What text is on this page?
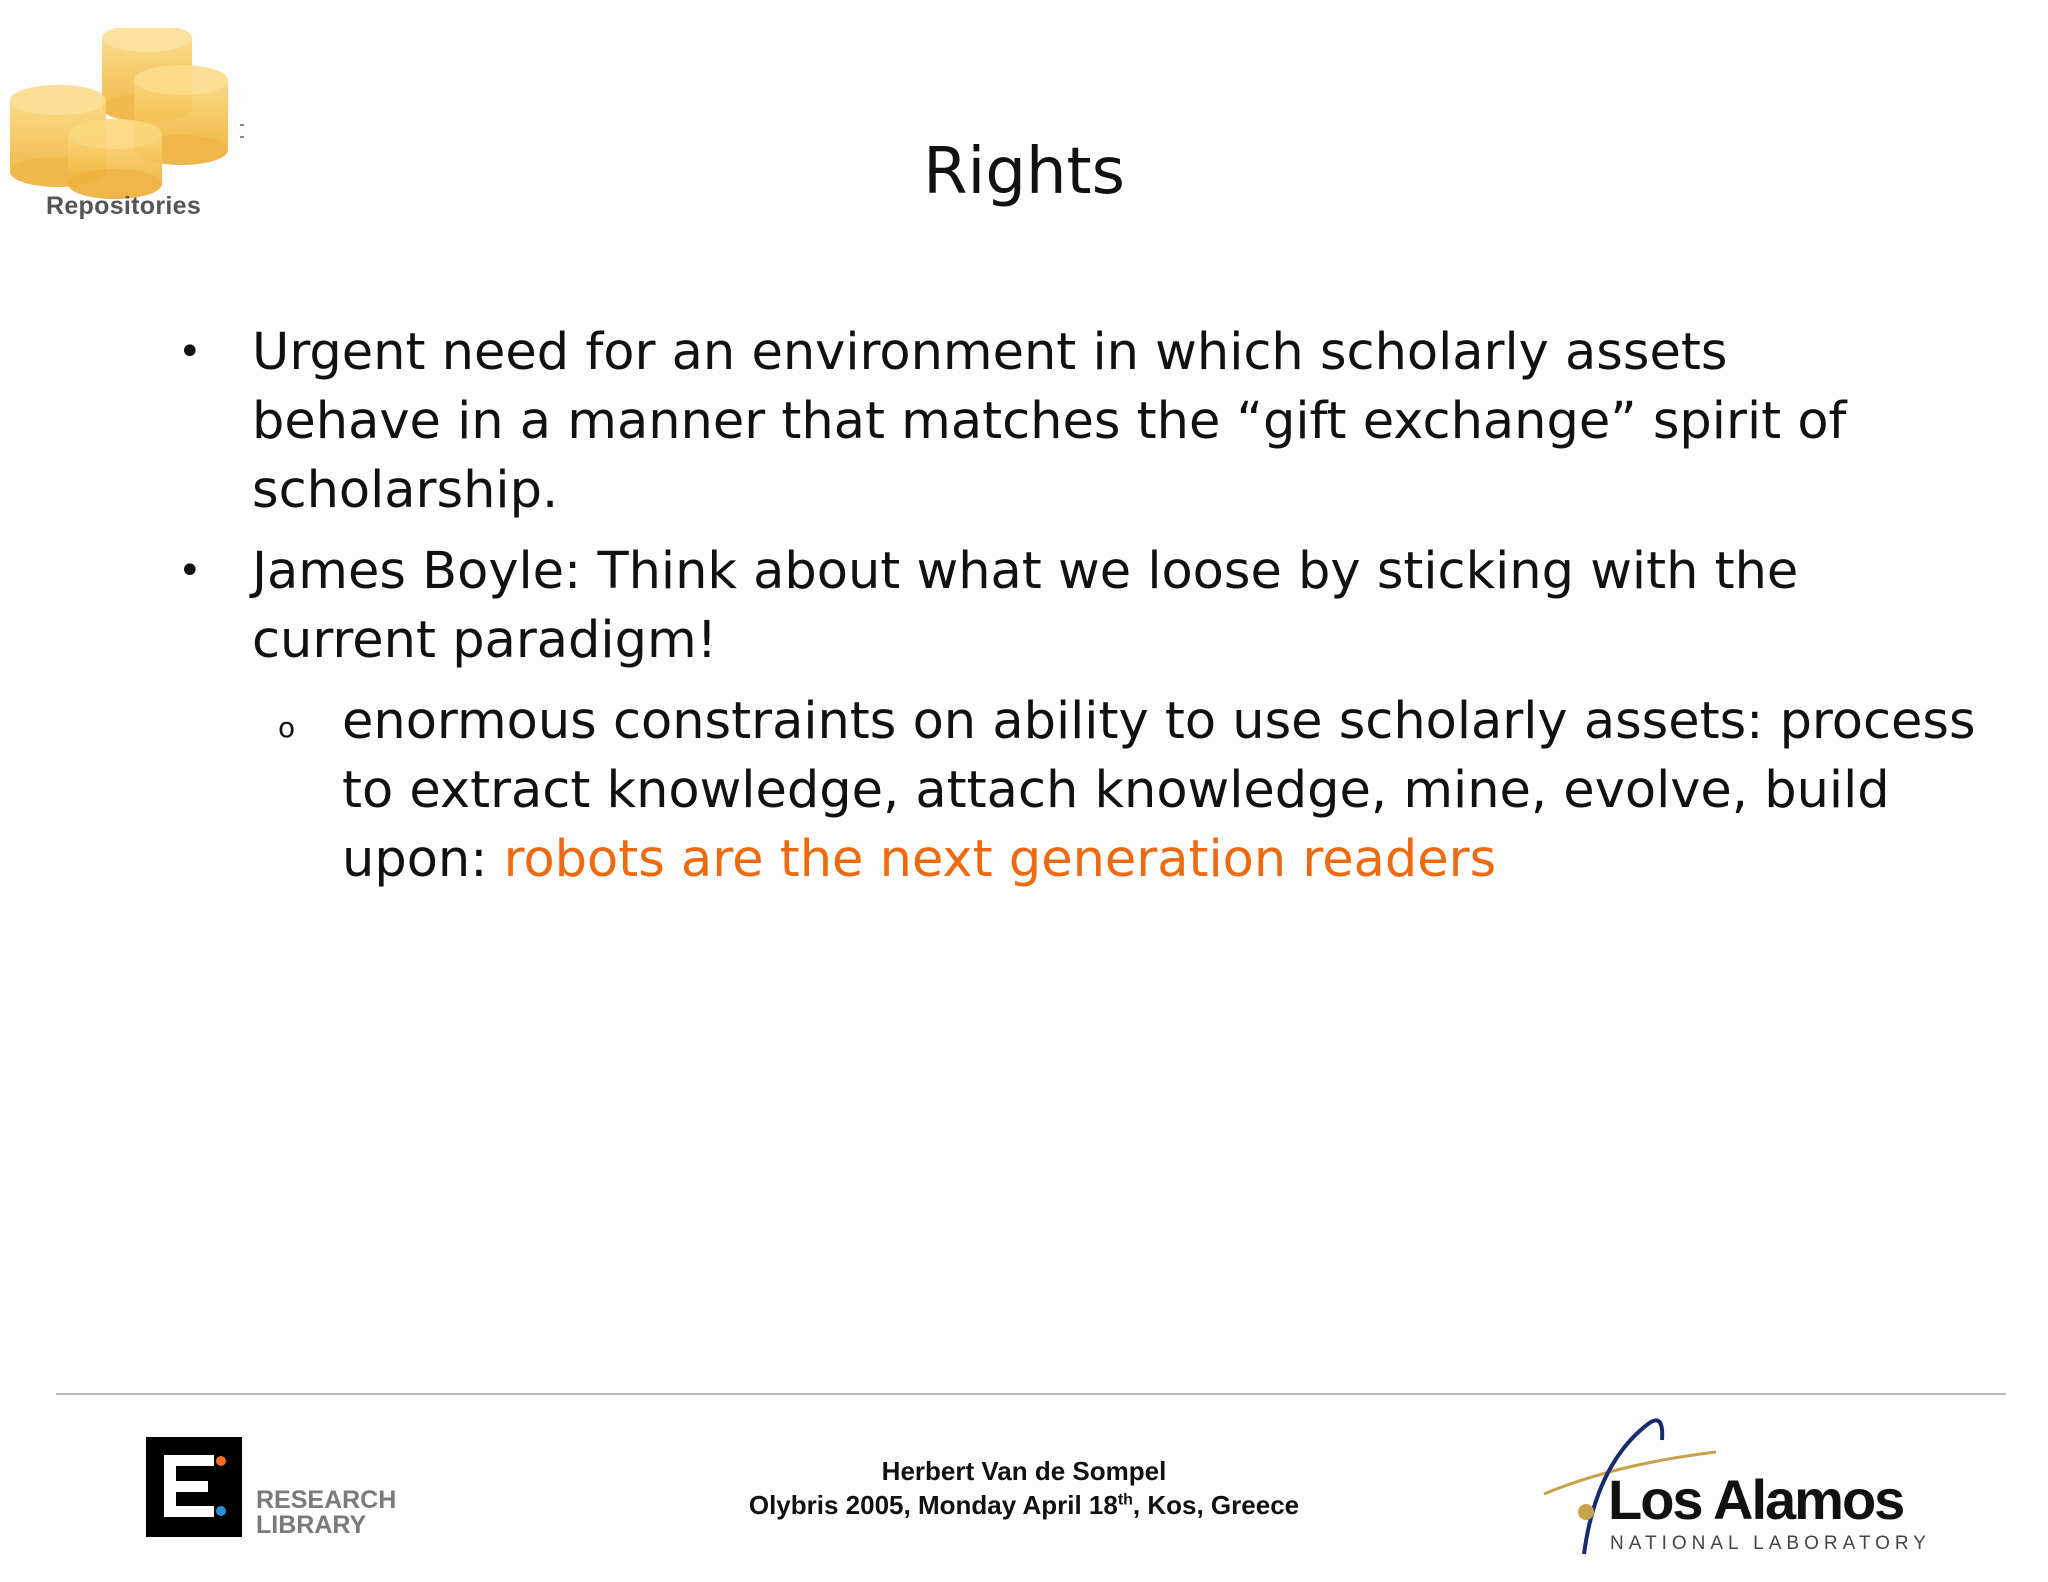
Repositories	Rights
• Urgent need for an environment in which scholarly assets behave in a manner that matches the “gift exchange” spirit of scholarship.
• James Boyle: Think about what we loose by sticking with the current paradigm!
o enormous constraints on ability to use scholarly assets: process to extract knowledge, attach knowledge, mine, evolve, build upon: robots are the next generation readers
RESEARCH
LIBRARY
Herbert Van de Sompel
Olybris 2005, Monday April 18th, Kos, Greece	Los Alamos
NATIONAL LABORATORY
